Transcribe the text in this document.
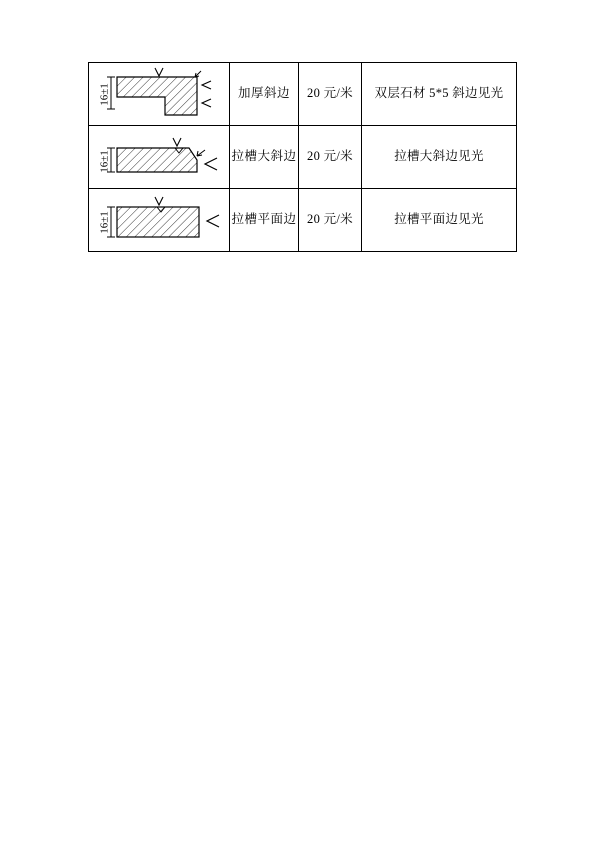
16±1	加厚斜边	20 元/米	双层石材 5*5 斜边见光

16±1	拉槽大斜边	20 元/米	拉槽大斜边见光

16±1	拉槽平面边	20 元/米	拉槽平面边见光
